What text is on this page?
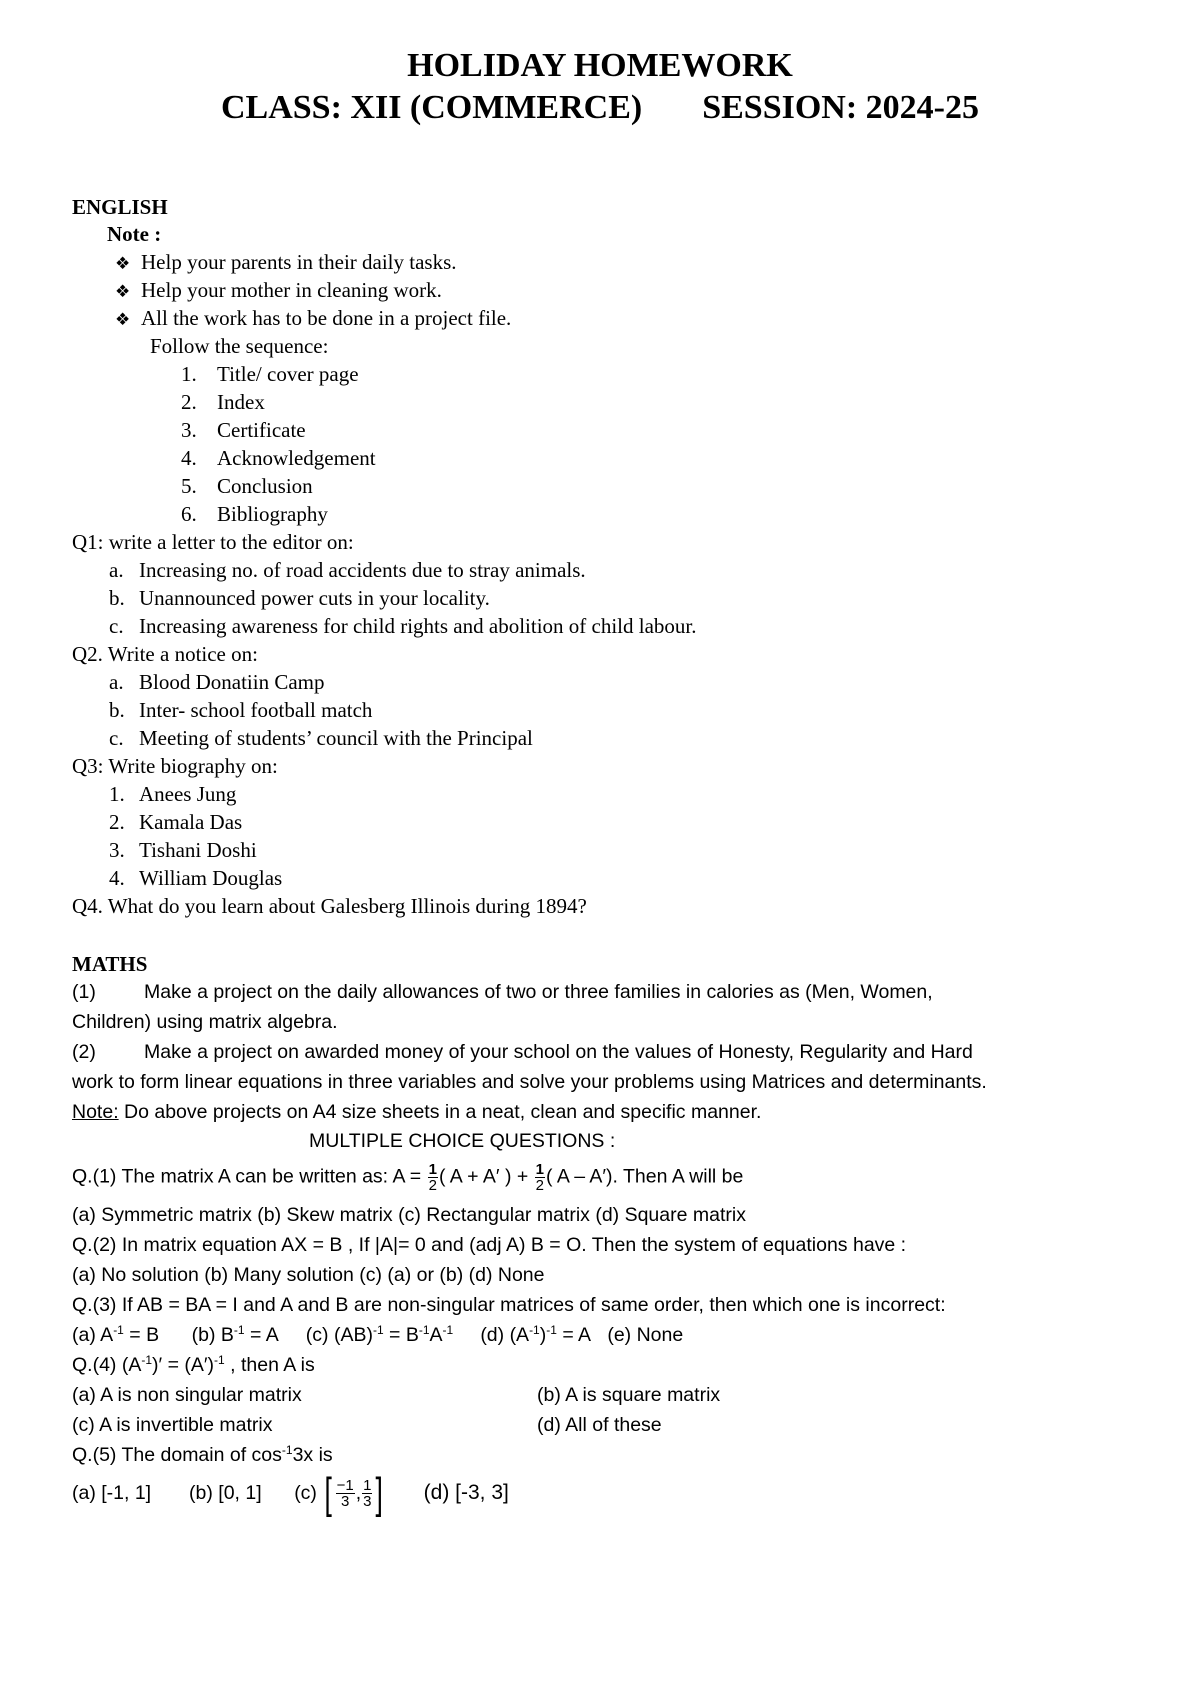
HOLIDAY HOMEWORK
CLASS: XII (COMMERCE) SESSION: 2024-25
ENGLISH
Note :
❖ Help your parents in their daily tasks.
❖ Help your mother in cleaning work.
❖ All the work has to be done in a project file.
Follow the sequence:
1. Title/ cover page
2. Index
3. Certificate
4. Acknowledgement
5. Conclusion
6. Bibliography
Q1: write a letter to the editor on:
a. Increasing no. of road accidents due to stray animals.
b. Unannounced power cuts in your locality.
c. Increasing awareness for child rights and abolition of child labour.
Q2. Write a notice on:
a. Blood Donatiin Camp
b. Inter- school football match
c. Meeting of students’ council with the Principal
Q3: Write biography on:
1. Anees Jung
2. Kamala Das
3. Tishani Doshi
4. William Douglas
Q4. What do you learn about Galesberg Illinois during 1894?
MATHS
(1) Make a project on the daily allowances of two or three families in calories as (Men, Women,
Children) using matrix algebra.
(2) Make a project on awarded money of your school on the values of Honesty, Regularity and Hard
work to form linear equations in three variables and solve your problems using Matrices and determinants.
Note: Do above projects on A4 size sheets in a neat, clean and specific manner.
MULTIPLE CHOICE QUESTIONS :
Q.(1) The matrix A can be written as: $A = \frac{1}{2}$ ( A + A′ ) + $\frac{1}{2}$ ( A – A′). Then A will be
(a) Symmetric matrix (b) Skew matrix (c) Rectangular matrix (d) Square matrix
Q.(2) In matrix equation AX = B , If |A|= 0 and (adj A) B = O. Then the system of equations have :
(a) No solution (b) Many solution (c) (a) or (b) (d) None
Q.(3) If AB = BA = I and A and B are non-singular matrices of same order, then which one is incorrect:
(a) $A^{-1} = B$ (b) $B^{-1} = A$ (c) $(AB)^{-1} = B^{-1}A^{-1}$ (d) $(A^{-1})^{-1} = A$ (e) None
Q.(4) $(A^{-1})' = (A')^{-1}$ , then A is
(a) A is non singular matrix	(b) A is square matrix
(c) A is invertible matrix	(d) All of these
Q.(5) The domain of $\cos^{-1}3x$ is
(a) [-1, 1] (b) [0, 1] (c) [ $\frac{-1}{3}$ , $\frac{1}{3}$ ] (d) [-3, 3]
